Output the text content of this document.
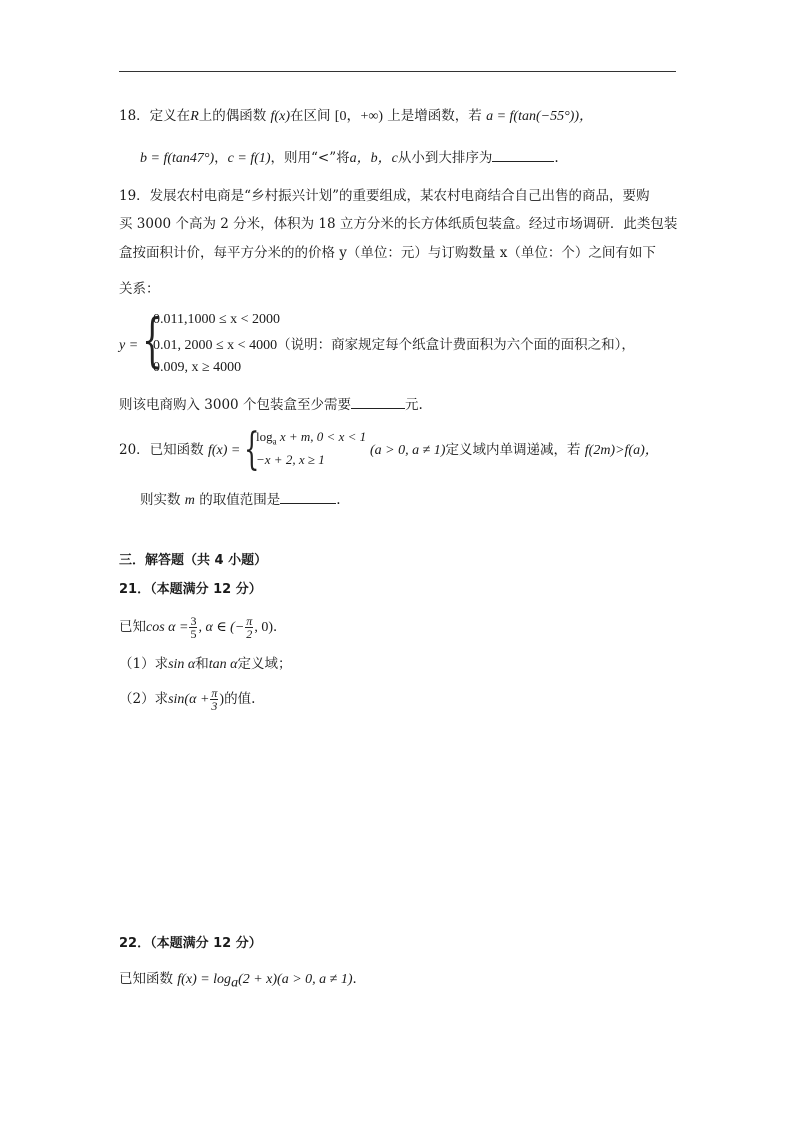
18．定义在R上的偶函数 f(x)在区间 [0，+∞) 上是增函数，若 a = f(tan(−55°))，
b = f(tan47°)，c = f(1)，则用“<”将a，b，c从小到大排序为	.
19．发展农村电商是“乡村振兴计划”的重要组成，某农村电商结合自己出售的商品，要购
买 3000 个高为 2 分米，体积为 18 立方分米的长方体纸质包装盒。经过市场调研．此类包装
盒按面积计价，每平方分米的的价格 y（单位：元）与订购数量 x（单位：个）之间有如下
关系：
y = {
0.011,1000 ≤ x < 2000
0.01, 2000 ≤ x < 4000（说明：商家规定每个纸盒计费面积为六个面的面积之和），
0.009, x ≥ 4000
则该电商购入 3000 个包装盒至少需要	元.
20．已知函数 f(x) = {
$\log_a x + m$, 0 < x < 1
−x + 2, x ≥ 1
(a > 0, a ≠ 1)定义域内单调递减，若 f(2m)>f(a)，
则实数 m 的取值范围是	.
三．解答题（共 4 小题）
21．（本题满分 12 分）
已知$\cos \alpha = \frac{3}{5}$ , α ∈ (− $\frac{\pi}{2}$ , 0)．
（1）求sin α和tan α定义域；
（2）求$\sin(\alpha + \frac{\pi}{3}$ )的值.
22．（本题满分 12 分）
已知函数 $f(x) = \log_a(2 + x)(a > 0$, a ≠ 1)．
